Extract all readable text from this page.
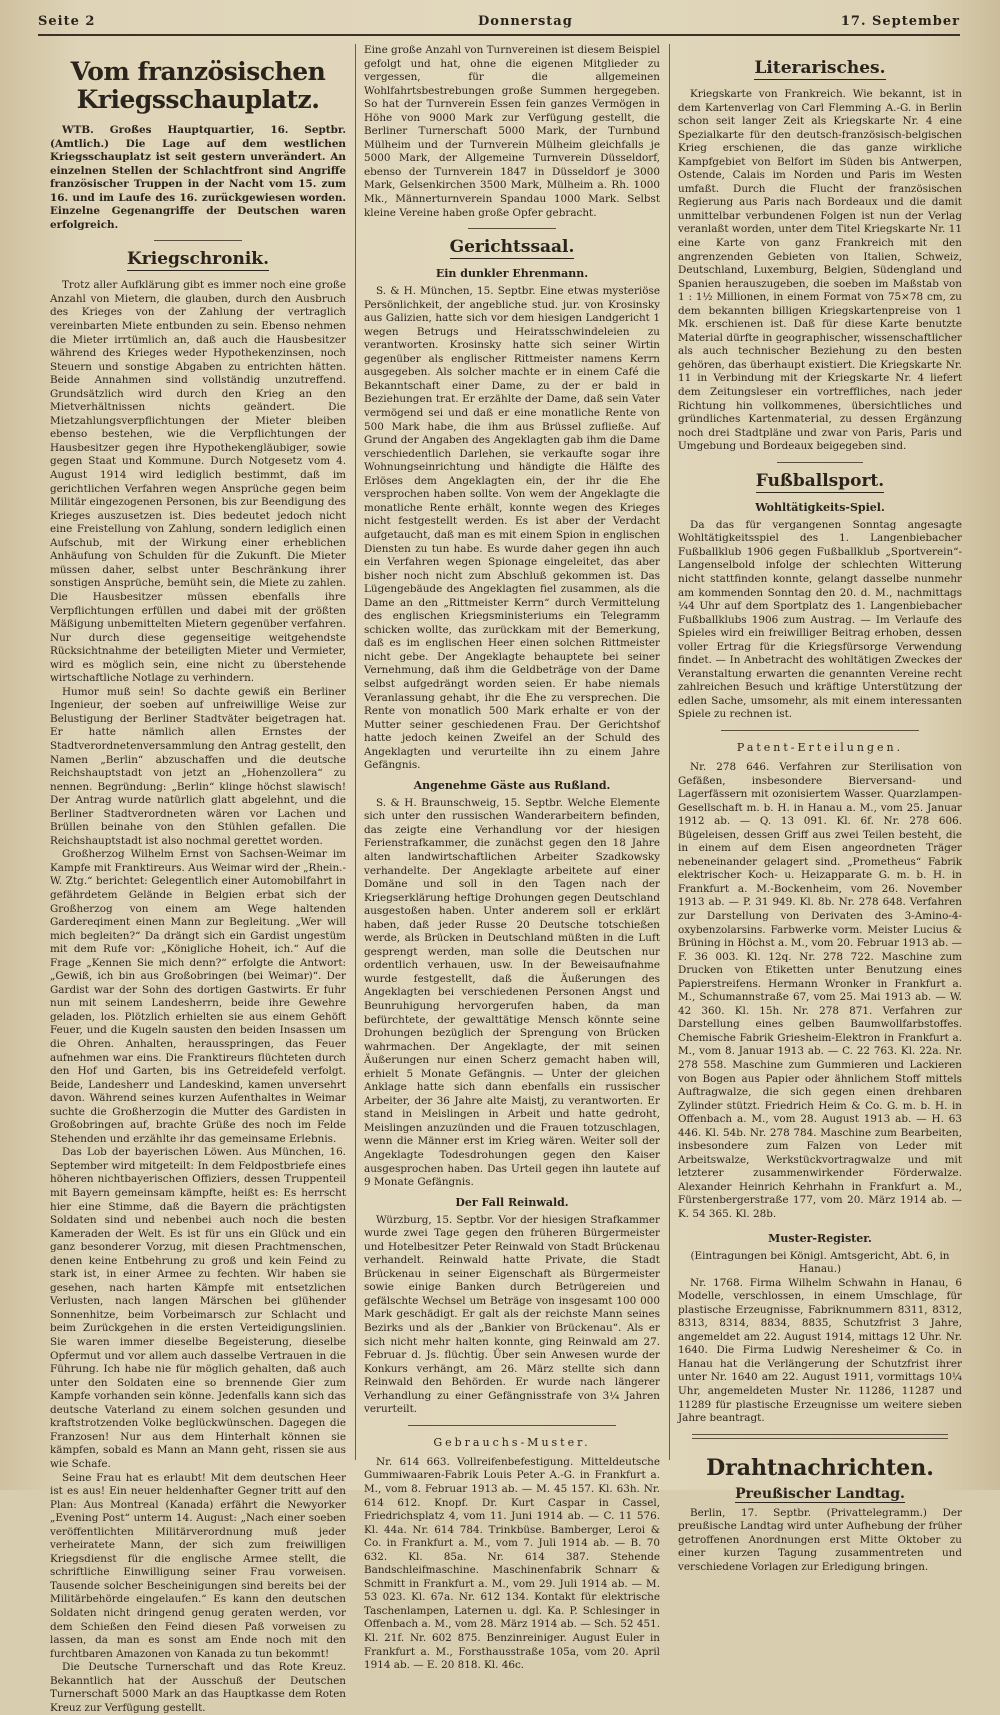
Seite 2	Donnerstag	17. September
Vom französischen Kriegsschauplatz.

WTB. Großes Hauptquartier, 16. Septbr. (Amtlich.) Die Lage auf dem westlichen Kriegsschauplatz ist seit gestern unverändert. An einzelnen Stellen der Schlachtfront sind Angriffe französischer Truppen in der Nacht vom 15. zum 16. und im Laufe des 16. zurückgewiesen worden. Einzelne Gegenangriffe der Deutschen waren erfolgreich.

Kriegschronik.

Trotz aller Aufklärung gibt es immer noch eine große Anzahl von Mietern, die glauben, durch den Ausbruch des Krieges von der Zahlung der vertraglich vereinbarten Miete entbunden zu sein. Ebenso nehmen die Mieter irrtümlich an, daß auch die Hausbesitzer während des Krieges weder Hypothekenzinsen, noch Steuern und sonstige Abgaben zu entrichten hätten. Beide Annahmen sind vollständig unzutreffend. Grundsätzlich wird durch den Krieg an den Mietverhältnissen nichts geändert. Die Mietzahlungsverpflichtungen der Mieter bleiben ebenso bestehen, wie die Verpflichtungen der Hausbesitzer gegen ihre Hypothekengläubiger, sowie gegen Staat und Kommune. Durch Notgesetz vom 4. August 1914 wird lediglich bestimmt, daß im gerichtlichen Verfahren wegen Ansprüche gegen beim Militär eingezogenen Personen, bis zur Beendigung des Krieges auszusetzen ist. Dies bedeutet jedoch nicht eine Freistellung von Zahlung, sondern lediglich einen Aufschub, mit der Wirkung einer erheblichen Anhäufung von Schulden für die Zukunft. Die Mieter müssen daher, selbst unter Beschränkung ihrer sonstigen Ansprüche, bemüht sein, die Miete zu zahlen. Die Hausbesitzer müssen ebenfalls ihre Verpflichtungen erfüllen und dabei mit der größten Mäßigung unbemittelten Mietern gegenüber verfahren. Nur durch diese gegenseitige weitgehendste Rücksichtnahme der beteiligten Mieter und Vermieter, wird es möglich sein, eine nicht zu überstehende wirtschaftliche Notlage zu verhindern.

Humor muß sein! So dachte gewiß ein Berliner Ingenieur, der soeben auf unfreiwillige Weise zur Belustigung der Berliner Stadtväter beigetragen hat. Er hatte nämlich allen Ernstes der Stadtverordnetenversammlung den Antrag gestellt, den Namen „Berlin“ abzuschaffen und die deutsche Reichshauptstadt von jetzt an „Hohenzollera“ zu nennen. Begründung: „Berlin“ klinge höchst slawisch! Der Antrag wurde natürlich glatt abgelehnt, und die Berliner Stadtverordneten wären vor Lachen und Brüllen beinahe von den Stühlen gefallen. Die Reichshauptstadt ist also nochmal gerettet worden.

Großherzog Wilhelm Ernst von Sachsen-Weimar im Kampfe mit Franktireurs. Aus Weimar wird der „Rhein.-W. Ztg.“ berichtet: Gelegentlich einer Automobilfahrt in gefährdetem Gelände in Belgien erbat sich der Großherzog von einem am Wege haltenden Gardereqiment einen Mann zur Begleitung. „Wer will mich begleiten?“ Da drängt sich ein Gardist ungestüm mit dem Rufe vor: „Königliche Hoheit, ich.“ Auf die Frage „Kennen Sie mich denn?“ erfolgte die Antwort: „Gewiß, ich bin aus Großobringen (bei Weimar)“. Der Gardist war der Sohn des dortigen Gastwirts. Er fuhr nun mit seinem Landesherrn, beide ihre Gewehre geladen, los. Plötzlich erhielten sie aus einem Gehöft Feuer, und die Kugeln sausten den beiden Insassen um die Ohren. Anhalten, herausspringen, das Feuer aufnehmen war eins. Die Franktireurs flüchteten durch den Hof und Garten, bis ins Getreidefeld verfolgt. Beide, Landesherr und Landeskind, kamen unversehrt davon. Während seines kurzen Aufenthaltes in Weimar suchte die Großherzogin die Mutter des Gardisten in Großobringen auf, brachte Grüße des noch im Felde Stehenden und erzählte ihr das gemeinsame Erlebnis.

Das Lob der bayerischen Löwen. Aus München, 16. September wird mitgeteilt: In dem Feldpostbriefe eines höheren nichtbayerischen Offiziers, dessen Truppenteil mit Bayern gemeinsam kämpfte, heißt es: Es herrscht hier eine Stimme, daß die Bayern die prächtigsten Soldaten sind und nebenbei auch noch die besten Kameraden der Welt. Es ist für uns ein Glück und ein ganz besonderer Vorzug, mit diesen Prachtmenschen, denen keine Entbehrung zu groß und kein Feind zu stark ist, in einer Armee zu fechten. Wir haben sie gesehen, nach harten Kämpfe mit entsetzlichen Verlusten, nach langen Märschen bei glühender Sonnenhitze, beim Vorbeimarsch zur Schlacht und beim Zurückgehen in die ersten Verteidigungslinien. Sie waren immer dieselbe Begeisterung, dieselbe Opfermut und vor allem auch dasselbe Vertrauen in die Führung. Ich habe nie für möglich gehalten, daß auch unter den Soldaten eine so brennende Gier zum Kampfe vorhanden sein könne. Jedenfalls kann sich das deutsche Vaterland zu einem solchen gesunden und kraftstrotzenden Volke beglückwünschen. Dagegen die Franzosen! Nur aus dem Hinterhalt können sie kämpfen, sobald es Mann an Mann geht, rissen sie aus wie Schafe.

Seine Frau hat es erlaubt! Mit dem deutschen Heer ist es aus! Ein neuer heldenhafter Gegner tritt auf den Plan: Aus Montreal (Kanada) erfährt die Newyorker „Evening Post“ unterm 14. August: „Nach einer soeben veröffentlichten Militärverordnung muß jeder verheiratete Mann, der sich zum freiwilligen Kriegsdienst für die englische Armee stellt, die schriftliche Einwilligung seiner Frau vorweisen. Tausende solcher Bescheinigungen sind bereits bei der Militärbehörde eingelaufen.“ Es kann den deutschen Soldaten nicht dringend genug geraten werden, vor dem Schießen den Feind diesen Paß vorweisen zu lassen, da man es sonst am Ende noch mit den furchtbaren Amazonen von Kanada zu tun bekommt!

Die Deutsche Turnerschaft und das Rote Kreuz. Bekanntlich hat der Ausschuß der Deutschen Turnerschaft 5000 Mark an das Hauptkasse dem Roten Kreuz zur Verfügung gestellt.

Eine große Anzahl von Turnvereinen ist diesem Beispiel gefolgt und hat, ohne die eigenen Mitglieder zu vergessen, für die allgemeinen Wohlfahrtsbestrebungen große Summen hergegeben. So hat der Turnverein Essen fein ganzes Vermögen in Höhe von 9000 Mark zur Verfügung gestellt, die Berliner Turnerschaft 5000 Mark, der Turnbund Mülheim und der Turnverein Mülheim gleichfalls je 5000 Mark, der Allgemeine Turnverein Düsseldorf, ebenso der Turnverein 1847 in Düsseldorf je 3000 Mark, Gelsenkirchen 3500 Mark, Mülheim a. Rh. 1000 Mk., Männerturnverein Spandau 1000 Mark. Selbst kleine Vereine haben große Opfer gebracht.

Gerichtssaal.
Ein dunkler Ehrenmann.

S. & H. München, 15. Septbr. Eine etwas mysteriöse Persönlichkeit, der angebliche stud. jur. von Krosinsky aus Galizien, hatte sich vor dem hiesigen Landgericht 1 wegen Betrugs und Heiratsschwindeleien zu verantworten. Krosinsky hatte sich seiner Wirtin gegenüber als englischer Rittmeister namens Kerrn ausgegeben. Als solcher machte er in einem Café die Bekanntschaft einer Dame, zu der er bald in Beziehungen trat. Er erzählte der Dame, daß sein Vater vermögend sei und daß er eine monatliche Rente von 500 Mark habe, die ihm aus Brüssel zufließe. Auf Grund der Angaben des Angeklagten gab ihm die Dame verschiedentlich Darlehen, sie verkaufte sogar ihre Wohnungseinrichtung und händigte die Hälfte des Erlöses dem Angeklagten ein, der ihr die Ehe versprochen haben sollte. Von wem der Angeklagte die monatliche Rente erhält, konnte wegen des Krieges nicht festgestellt werden. Es ist aber der Verdacht aufgetaucht, daß man es mit einem Spion in englischen Diensten zu tun habe. Es wurde daher gegen ihn auch ein Verfahren wegen Spionage eingeleitet, das aber bisher noch nicht zum Abschluß gekommen ist. Das Lügengebäude des Angeklagten fiel zusammen, als die Dame an den „Rittmeister Kerrn“ durch Vermittelung des englischen Kriegsministeriums ein Telegramm schicken wollte, das zurückkam mit der Bemerkung, daß es im englischen Heer einen solchen Rittmeister nicht gebe. Der Angeklagte behauptete bei seiner Vernehmung, daß ihm die Geldbeträge von der Dame selbst aufgedrängt worden seien. Er habe niemals Veranlassung gehabt, ihr die Ehe zu versprechen. Die Rente von monatlich 500 Mark erhalte er von der Mutter seiner geschiedenen Frau. Der Gerichtshof hatte jedoch keinen Zweifel an der Schuld des Angeklagten und verurteilte ihn zu einem Jahre Gefängnis.

Angenehme Gäste aus Rußland.

S. & H. Braunschweig, 15. Septbr. Welche Elemente sich unter den russischen Wanderarbeitern befinden, das zeigte eine Verhandlung vor der hiesigen Ferienstrafkammer, die zunächst gegen den 18 Jahre alten landwirtschaftlichen Arbeiter Szadkowsky verhandelte. Der Angeklagte arbeitete auf einer Domäne und soll in den Tagen nach der Kriegserklärung heftige Drohungen gegen Deutschland ausgestoßen haben. Unter anderem soll er erklärt haben, daß jeder Russe 20 Deutsche totschießen werde, als Brücken in Deutschland müßten in die Luft gesprengt werden, man solle die Deutschen nur ordentlich verhauen, usw. In der Beweisaufnahme wurde festgestellt, daß die Äußerungen des Angeklagten bei verschiedenen Personen Angst und Beunruhigung hervorgerufen haben, da man befürchtete, der gewalttätige Mensch könnte seine Drohungen bezüglich der Sprengung von Brücken wahrmachen. Der Angeklagte, der mit seinen Äußerungen nur einen Scherz gemacht haben will, erhielt 5 Monate Gefängnis. — Unter der gleichen Anklage hatte sich dann ebenfalls ein russischer Arbeiter, der 36 Jahre alte Maistj, zu verantworten. Er stand in Meislingen in Arbeit und hatte gedroht, Meislingen anzuzünden und die Frauen totzuschlagen, wenn die Männer erst im Krieg wären. Weiter soll der Angeklagte Todesdrohungen gegen den Kaiser ausgesprochen haben. Das Urteil gegen ihn lautete auf 9 Monate Gefängnis.

Der Fall Reinwald.

Würzburg, 15. Septbr. Vor der hiesigen Strafkammer wurde zwei Tage gegen den früheren Bürgermeister und Hotelbesitzer Peter Reinwald von Stadt Brückenau verhandelt. Reinwald hatte Private, die Stadt Brückenau in seiner Eigenschaft als Bürgermeister sowie einige Banken durch Betrügereien und gefälschte Wechsel um Beträge von insgesamt 100 000 Mark geschädigt. Er galt als der reichste Mann seines Bezirks und als der „Bankier von Brückenau“. Als er sich nicht mehr halten konnte, ging Reinwald am 27. Februar d. Js. flüchtig. Über sein Anwesen wurde der Konkurs verhängt, am 26. März stellte sich dann Reinwald den Behörden. Er wurde nach längerer Verhandlung zu einer Gefängnisstrafe von 3¼ Jahren verurteilt.

Gebrauchs-Muster.

Nr. 614 663. Vollreifenbefestigung. Mitteldeutsche Gummiwaaren-Fabrik Louis Peter A.-G. in Frankfurt a. M., vom 8. Februar 1913 ab. — M. 45 157. Kl. 63h. Nr. 614 612. Knopf. Dr. Kurt Caspar in Cassel, Friedrichsplatz 4, vom 11. Juni 1914 ab. — C. 11 576. Kl. 44a. Nr. 614 784. Trinkbüse. Bamberger, Leroi & Co. in Frankfurt a. M., vom 7. Juli 1914 ab. — B. 70 632. Kl. 85a. Nr. 614 387. Stehende Bandschleifmaschine. Maschinenfabrik Schnarr & Schmitt in Frankfurt a. M., vom 29. Juli 1914 ab. — M. 53 023. Kl. 67a. Nr. 612 134. Kontakt für elektrische Taschenlampen, Laternen u. dgl. Ka. P. Schlesinger in Offenbach a. M., vom 28. März 1914 ab. — Sch. 52 451. Kl. 21f. Nr. 602 875. Benzinreiniger. August Euler in Frankfurt a. M., Forsthausstraße 105a, vom 20. April 1914 ab. — E. 20 818. Kl. 46c.

Literarisches.

Kriegskarte von Frankreich. Wie bekannt, ist in dem Kartenverlag von Carl Flemming A.-G. in Berlin schon seit langer Zeit als Kriegskarte Nr. 4 eine Spezialkarte für den deutsch-französisch-belgischen Krieg erschienen, die das ganze wirkliche Kampfgebiet von Belfort im Süden bis Antwerpen, Ostende, Calais im Norden und Paris im Westen umfaßt. Durch die Flucht der französischen Regierung aus Paris nach Bordeaux und die damit unmittelbar verbundenen Folgen ist nun der Verlag veranlaßt worden, unter dem Titel Kriegskarte Nr. 11 eine Karte von ganz Frankreich mit den angrenzenden Gebieten von Italien, Schweiz, Deutschland, Luxemburg, Belgien, Südengland und Spanien herauszugeben, die soeben im Maßstab von 1 : 1½ Millionen, in einem Format von 75×78 cm, zu dem bekannten billigen Kriegskartenpreise von 1 Mk. erschienen ist. Daß für diese Karte benutzte Material dürfte in geographischer, wissenschaftlicher als auch technischer Beziehung zu den besten gehören, das überhaupt existiert. Die Kriegskarte Nr. 11 in Verbindung mit der Kriegskarte Nr. 4 liefert dem Zeitungsleser ein vortreffliches, nach jeder Richtung hin vollkommenes, übersichtliches und gründliches Kartenmaterial, zu dessen Ergänzung noch drei Stadtpläne und zwar von Paris, Paris und Umgebung und Bordeaux beigegeben sind.

Fußballsport.
Wohltätigkeits-Spiel.

Da das für vergangenen Sonntag angesagte Wohltätigkeitsspiel des 1. Langenbiebacher Fußballklub 1906 gegen Fußballklub „Sportverein“-Langenselbold infolge der schlechten Witterung nicht stattfinden konnte, gelangt dasselbe nunmehr am kommenden Sonntag den 20. d. M., nachmittags ¼4 Uhr auf dem Sportplatz des 1. Langenbiebacher Fußballklubs 1906 zum Austrag. — Im Verlaufe des Spieles wird ein freiwilliger Beitrag erhoben, dessen voller Ertrag für die Kriegsfürsorge Verwendung findet. — In Anbetracht des wohltätigen Zweckes der Veranstaltung erwarten die genannten Vereine recht zahlreichen Besuch und kräftige Unterstützung der edlen Sache, umsomehr, als mit einem interessanten Spiele zu rechnen ist.

Patent-Erteilungen.

Nr. 278 646. Verfahren zur Sterilisation von Gefäßen, insbesondere Bierversand- und Lagerfässern mit ozonisiertem Wasser. Quarzlampen-Gesellschaft m. b. H. in Hanau a. M., vom 25. Januar 1912 ab. — Q. 13 091. Kl. 6f. Nr. 278 606. Bügeleisen, dessen Griff aus zwei Teilen besteht, die in einem auf dem Eisen angeordneten Träger nebeneinander gelagert sind. „Prometheus“ Fabrik elektrischer Koch- u. Heizapparate G. m. b. H. in Frankfurt a. M.-Bockenheim, vom 26. November 1913 ab. — P. 31 949. Kl. 8b. Nr. 278 648. Verfahren zur Darstellung von Derivaten des 3-Amino-4-oxybenzolarsins. Farbwerke vorm. Meister Lucius & Brüning in Höchst a. M., vom 20. Februar 1913 ab. — F. 36 003. Kl. 12q. Nr. 278 722. Maschine zum Drucken von Etiketten unter Benutzung eines Papierstreifens. Hermann Wronker in Frankfurt a. M., Schumannstraße 67, vom 25. Mai 1913 ab. — W. 42 360. Kl. 15h. Nr. 278 871. Verfahren zur Darstellung eines gelben Baumwollfarbstoffes. Chemische Fabrik Griesheim-Elektron in Frankfurt a. M., vom 8. Januar 1913 ab. — C. 22 763. Kl. 22a. Nr. 278 558. Maschine zum Gummieren und Lackieren von Bogen aus Papier oder ähnlichem Stoff mittels Auftragwalze, die sich gegen einen drehbaren Zylinder stützt. Friedrich Heim & Co. G. m. b. H. in Offenbach a. M., vom 28. August 1913 ab. — H. 63 446. Kl. 54b. Nr. 278 784. Maschine zum Bearbeiten, insbesondere zum Falzen von Leder mit Arbeitswalze, Werkstückvortragwalze und mit letzterer zusammenwirkender Förderwalze. Alexander Heinrich Kehrhahn in Frankfurt a. M., Fürstenbergerstraße 177, vom 20. März 1914 ab. — K. 54 365. Kl. 28b.

Muster-Register.

(Eintragungen bei Königl. Amtsgericht, Abt. 6, in Hanau.)

Nr. 1768. Firma Wilhelm Schwahn in Hanau, 6 Modelle, verschlossen, in einem Umschlage, für plastische Erzeugnisse, Fabriknummern 8311, 8312, 8313, 8314, 8834, 8835, Schutzfrist 3 Jahre, angemeldet am 22. August 1914, mittags 12 Uhr. Nr. 1640. Die Firma Ludwig Neresheimer & Co. in Hanau hat die Verlängerung der Schutzfrist ihrer unter Nr. 1640 am 22. August 1911, vormittags 10¼ Uhr, angemeldeten Muster Nr. 11286, 11287 und 11289 für plastische Erzeugnisse um weitere sieben Jahre beantragt.

Drahtnachrichten.
Preußischer Landtag.

Berlin, 17. Septbr. (Privattelegramm.) Der preußische Landtag wird unter Aufhebung der früher getroffenen Anordnungen erst Mitte Oktober zu einer kurzen Tagung zusammentreten und verschiedene Vorlagen zur Erledigung bringen.
